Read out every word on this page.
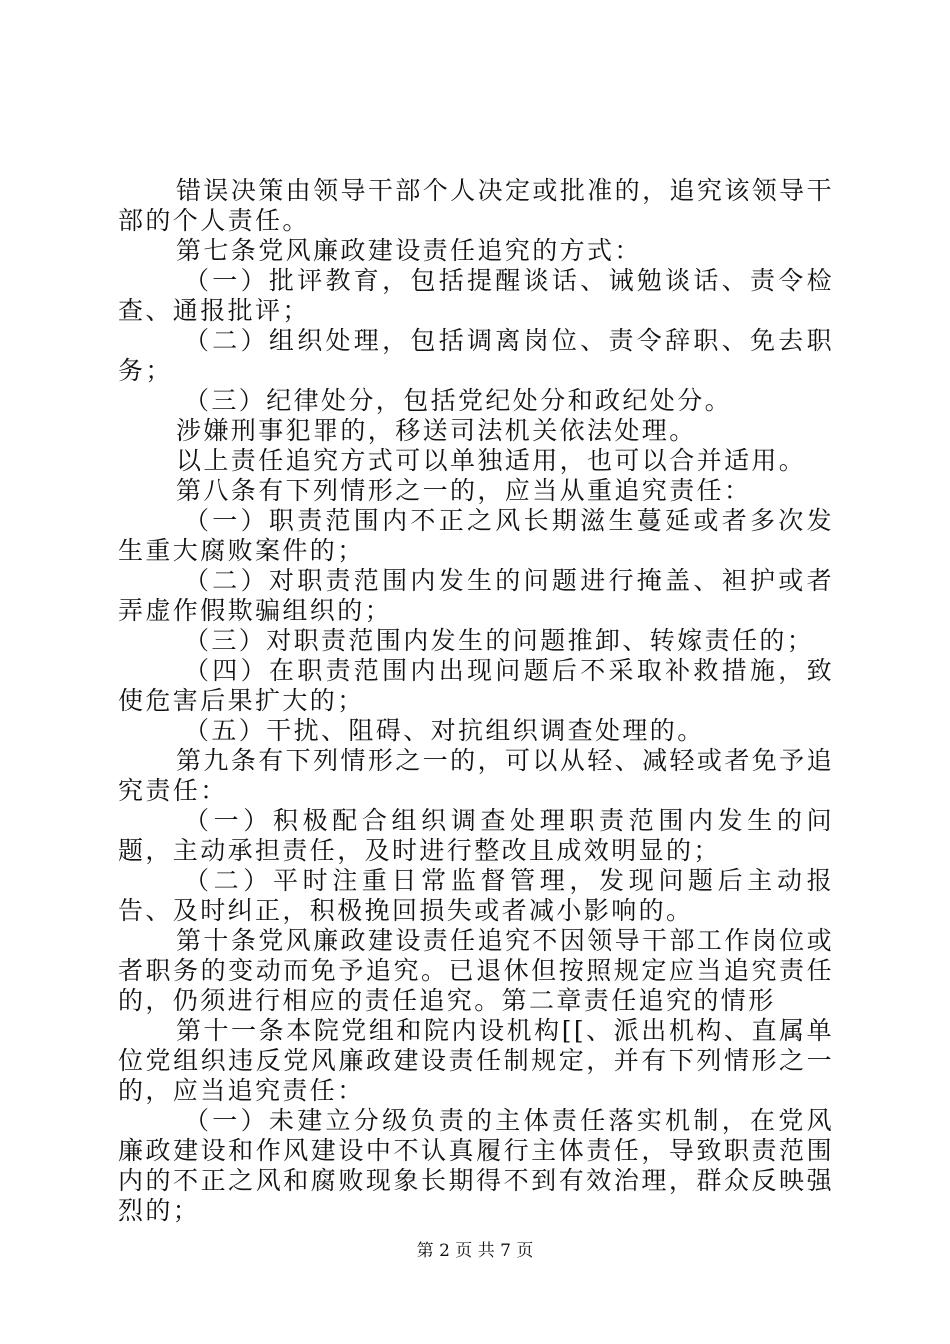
错误决策由领导干部个人决定或批准的，追究该领导干部的个人责任。

第七条党风廉政建设责任追究的方式：

（一）批评教育，包括提醒谈话、诫勉谈话、责令检查、通报批评；

（二）组织处理，包括调离岗位、责令辞职、免去职务；

（三）纪律处分，包括党纪处分和政纪处分。

涉嫌刑事犯罪的，移送司法机关依法处理。

以上责任追究方式可以单独适用，也可以合并适用。

第八条有下列情形之一的，应当从重追究责任：

（一）职责范围内不正之风长期滋生蔓延或者多次发生重大腐败案件的；

（二）对职责范围内发生的问题进行掩盖、袒护或者弄虚作假欺骗组织的；

（三）对职责范围内发生的问题推卸、转嫁责任的；

（四）在职责范围内出现问题后不采取补救措施，致使危害后果扩大的；

（五）干扰、阻碍、对抗组织调查处理的。

第九条有下列情形之一的，可以从轻、减轻或者免予追究责任：

（一）积极配合组织调查处理职责范围内发生的问题，主动承担责任，及时进行整改且成效明显的；

（二）平时注重日常监督管理，发现问题后主动报告、及时纠正，积极挽回损失或者减小影响的。

第十条党风廉政建设责任追究不因领导干部工作岗位或者职务的变动而免予追究。已退休但按照规定应当追究责任的，仍须进行相应的责任追究。第二章责任追究的情形

第十一条本院党组和院内设机构[[、派出机构、直属单位党组织违反党风廉政建设责任制规定，并有下列情形之一的，应当追究责任：

（一）未建立分级负责的主体责任落实机制，在党风廉政建设和作风建设中不认真履行主体责任，导致职责范围内的不正之风和腐败现象长期得不到有效治理，群众反映强烈的；

第 2 页 共 7 页
